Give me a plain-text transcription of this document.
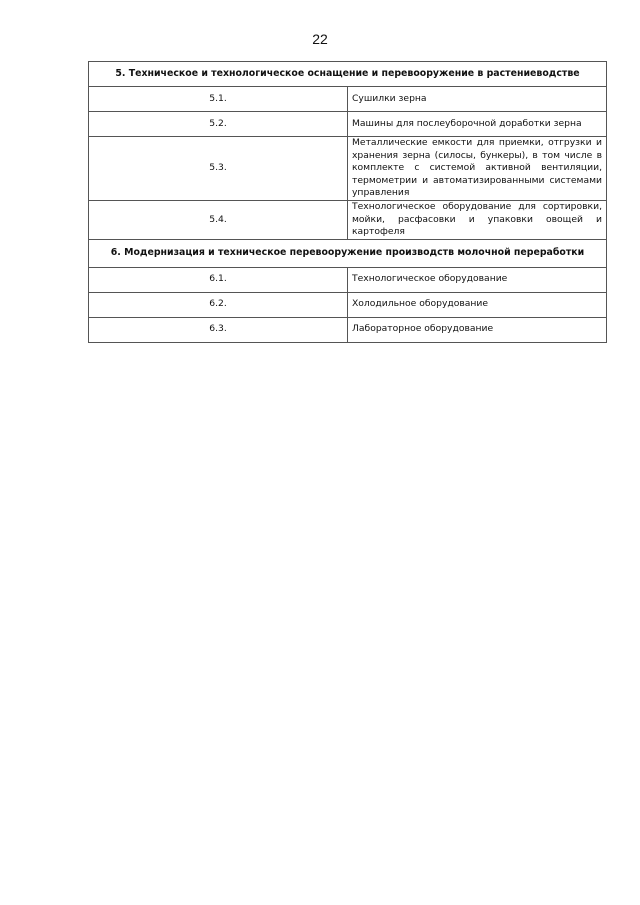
22
5. Техническое и технологическое оснащение и перевооружение в растениеводстве	
5.1.	Сушилки зерна
5.2.	Машины для послеуборочной доработки зерна
5.3.	Металлические емкости для приемки, отгрузки и хранения зерна (силосы, бункеры), в том числе в комплекте с системой активной вентиляции, термометрии и автоматизированными системами управления
5.4.	Технологическое оборудование для сортировки, мойки, расфасовки и упаковки овощей и картофеля
6. Модернизация и техническое перевооружение производств молочной переработки	
6.1.	Технологическое оборудование
6.2.	Холодильное оборудование
6.3.	Лабораторное оборудование
